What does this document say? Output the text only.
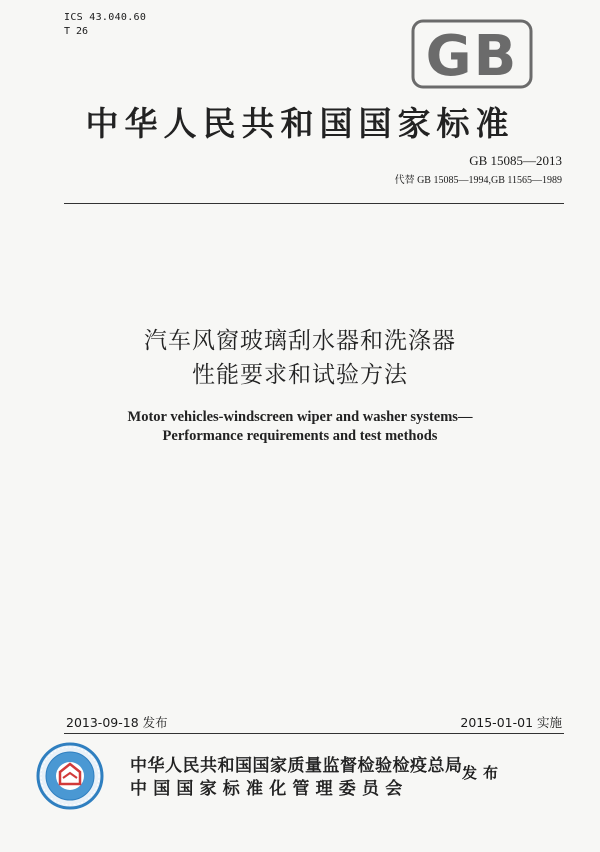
ICS 43.040.60
T 26	GB
中华人民共和国国家标准
GB 15085—2013
代替 GB 15085—1994,GB 11565—1989
汽车风窗玻璃刮水器和洗涤器
性能要求和试验方法
Motor vehicles-windscreen wiper and washer systems—
Performance requirements and test methods
2013-09-18 发布	2015-01-01 实施
中华人民共和国国家质量监督检验检疫总局
中国国家标准化管理委员会
发布
